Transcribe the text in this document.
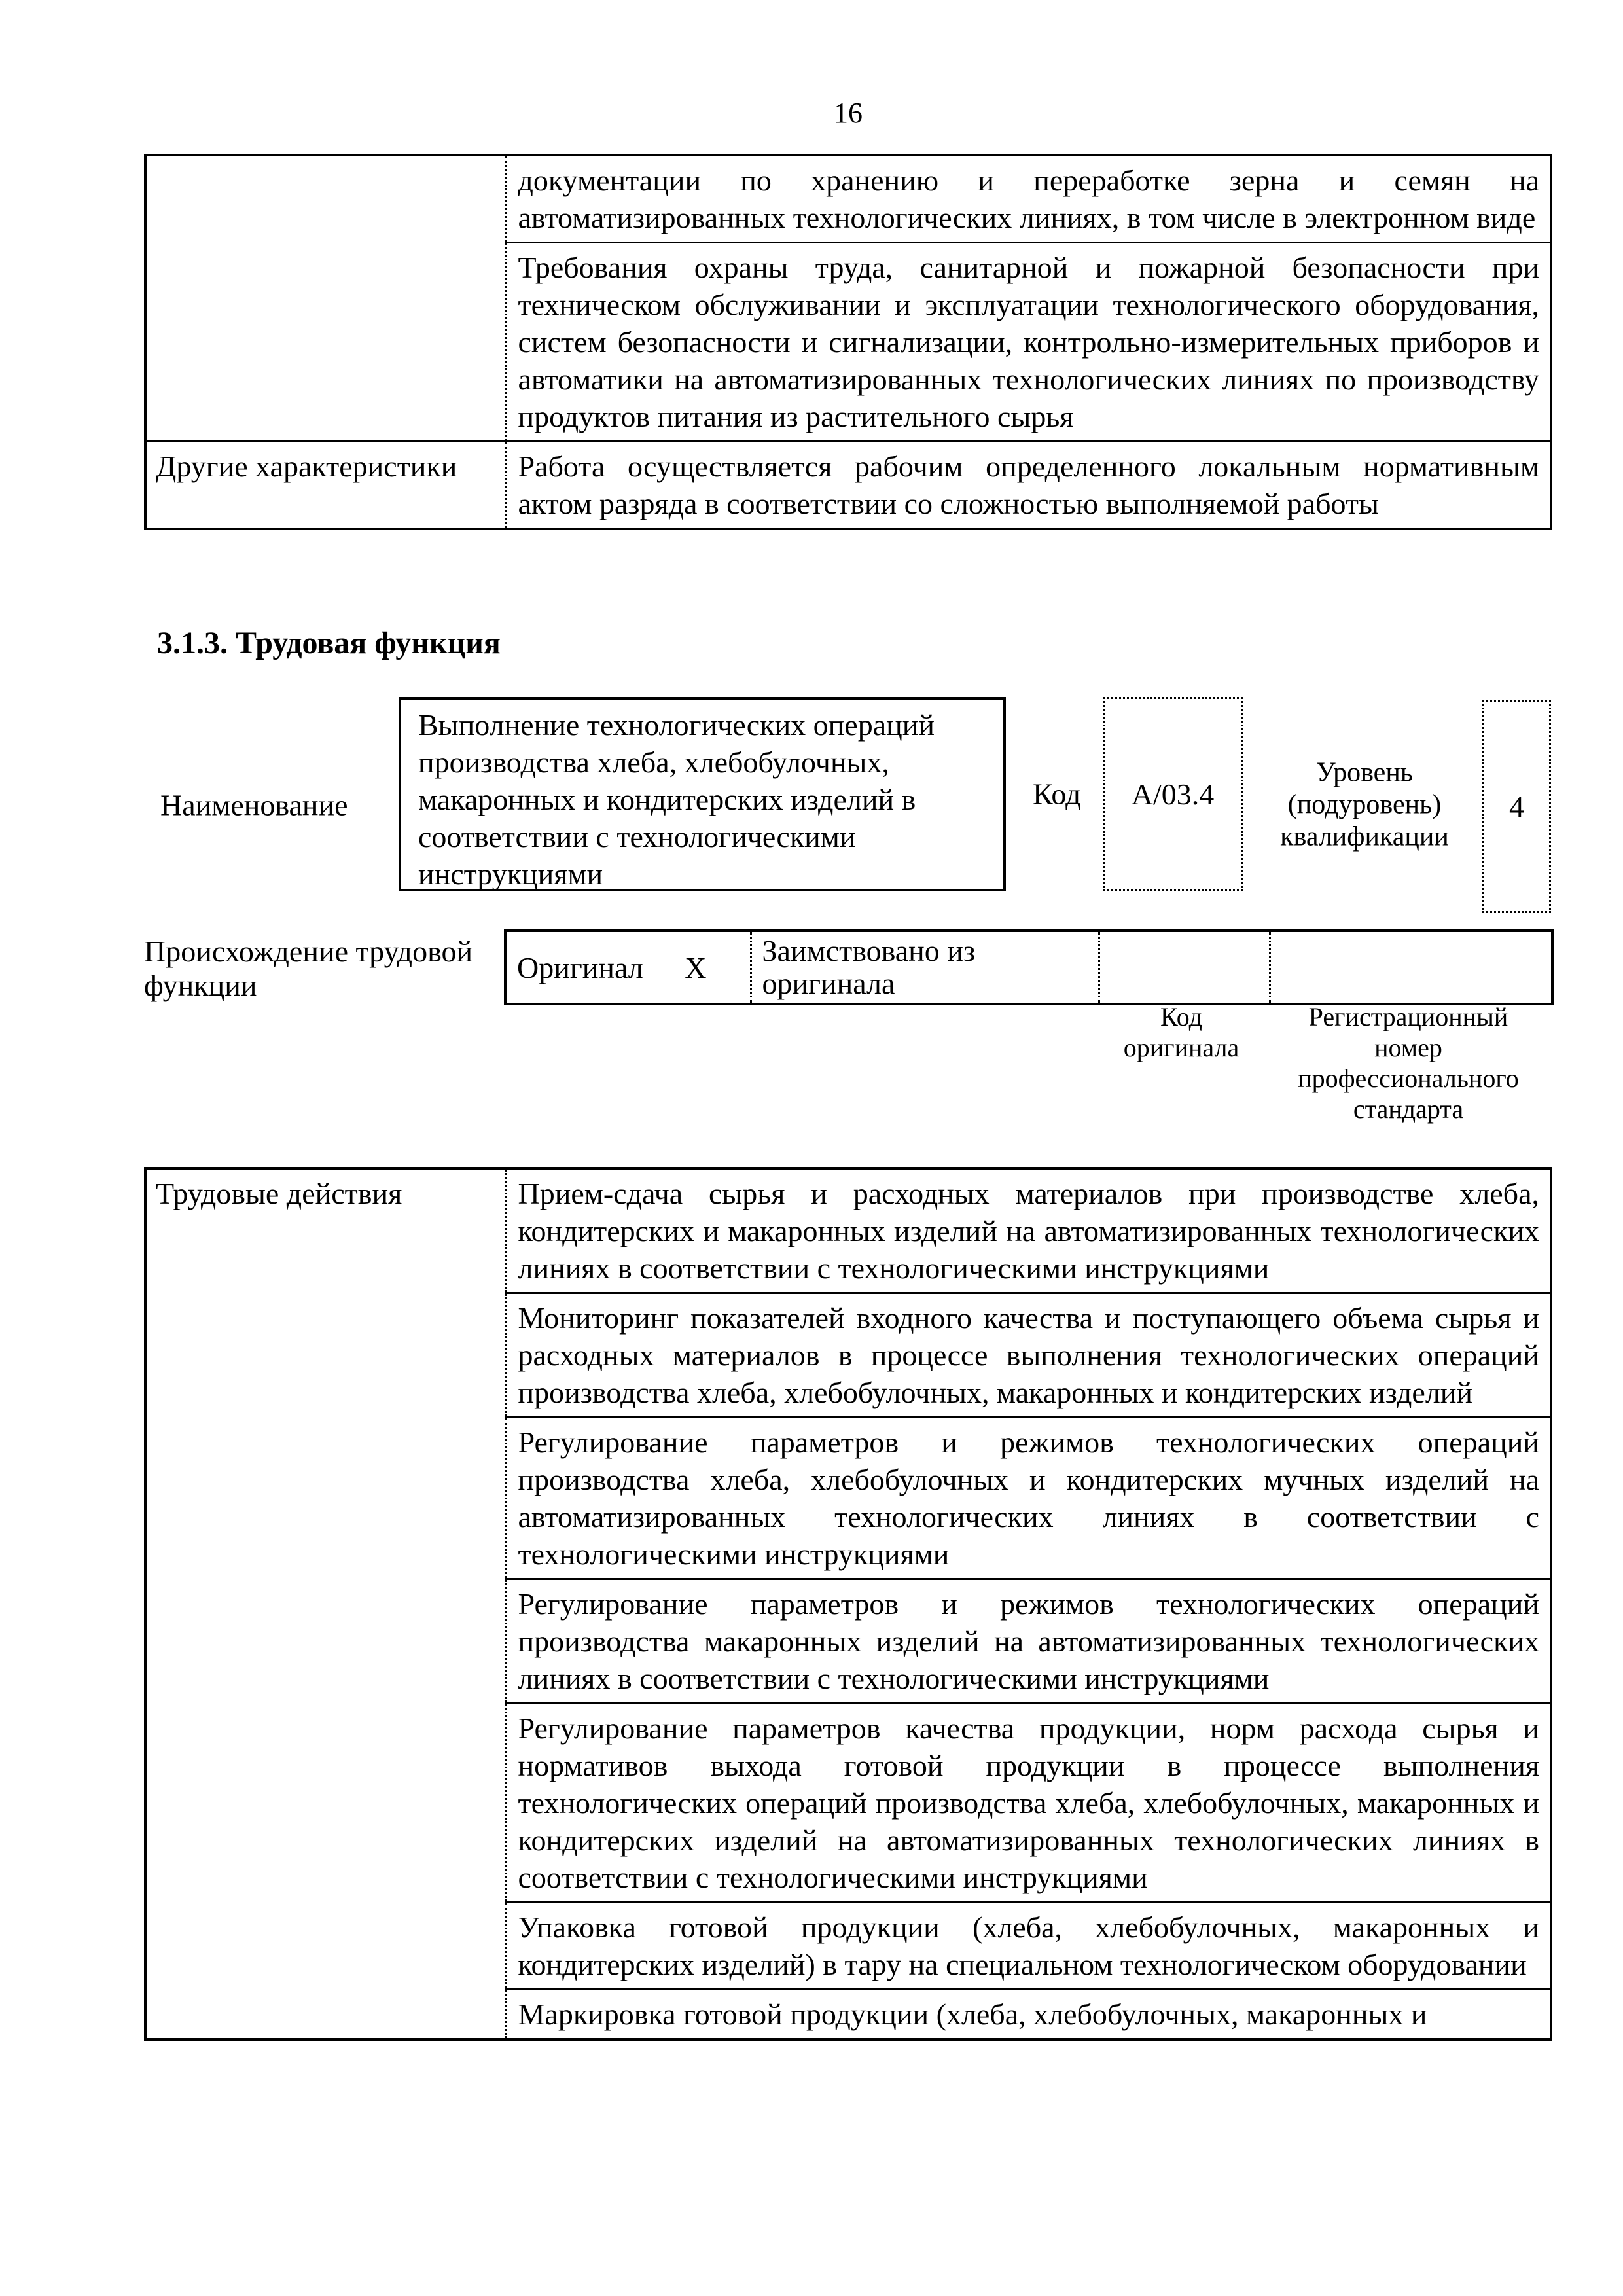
16
	документации по хранению и переработке зерна и семян на автоматизированных технологических линиях, в том числе в электронном виде
	Требования охраны труда, санитарной и пожарной безопасности при техническом обслуживании и эксплуатации технологического оборудования, систем безопасности и сигнализации, контрольно-измерительных приборов и автоматики на автоматизированных технологических линиях по производству продуктов питания из растительного сырья
Другие характеристики	Работа осуществляется рабочим определенного локальным нормативным актом разряда в соответствии со сложностью выполняемой работы
3.1.3. Трудовая функция
Наименование
Выполнение технологических операций производства хлеба, хлебобулочных, макаронных и кондитерских изделий в соответствии с технологическими инструкциями
Код А/03.4
Уровень (подуровень) квалификации
4
Происхождение трудовой функции
Оригинал X	Заимствовано из оригинала		
Код оригинала
Регистрационный номер профессионального стандарта
Трудовые действия	Прием-сдача сырья и расходных материалов при производстве хлеба, кондитерских и макаронных изделий на автоматизированных технологических линиях в соответствии с технологическими инструкциями
Мониторинг показателей входного качества и поступающего объема сырья и расходных материалов в процессе выполнения технологических операций производства хлеба, хлебобулочных, макаронных и кондитерских изделий
Регулирование параметров и режимов технологических операций производства хлеба, хлебобулочных и кондитерских мучных изделий на автоматизированных технологических линиях в соответствии с технологическими инструкциями
Регулирование параметров и режимов технологических операций производства макаронных изделий на автоматизированных технологических линиях в соответствии с технологическими инструкциями
Регулирование параметров качества продукции, норм расхода сырья и нормативов выхода готовой продукции в процессе выполнения технологических операций производства хлеба, хлебобулочных, макаронных и кондитерских изделий на автоматизированных технологических линиях в соответствии с технологическими инструкциями
Упаковка готовой продукции (хлеба, хлебобулочных, макаронных и кондитерских изделий) в тару на специальном технологическом оборудовании
Маркировка готовой продукции (хлеба, хлебобулочных, макаронных и
